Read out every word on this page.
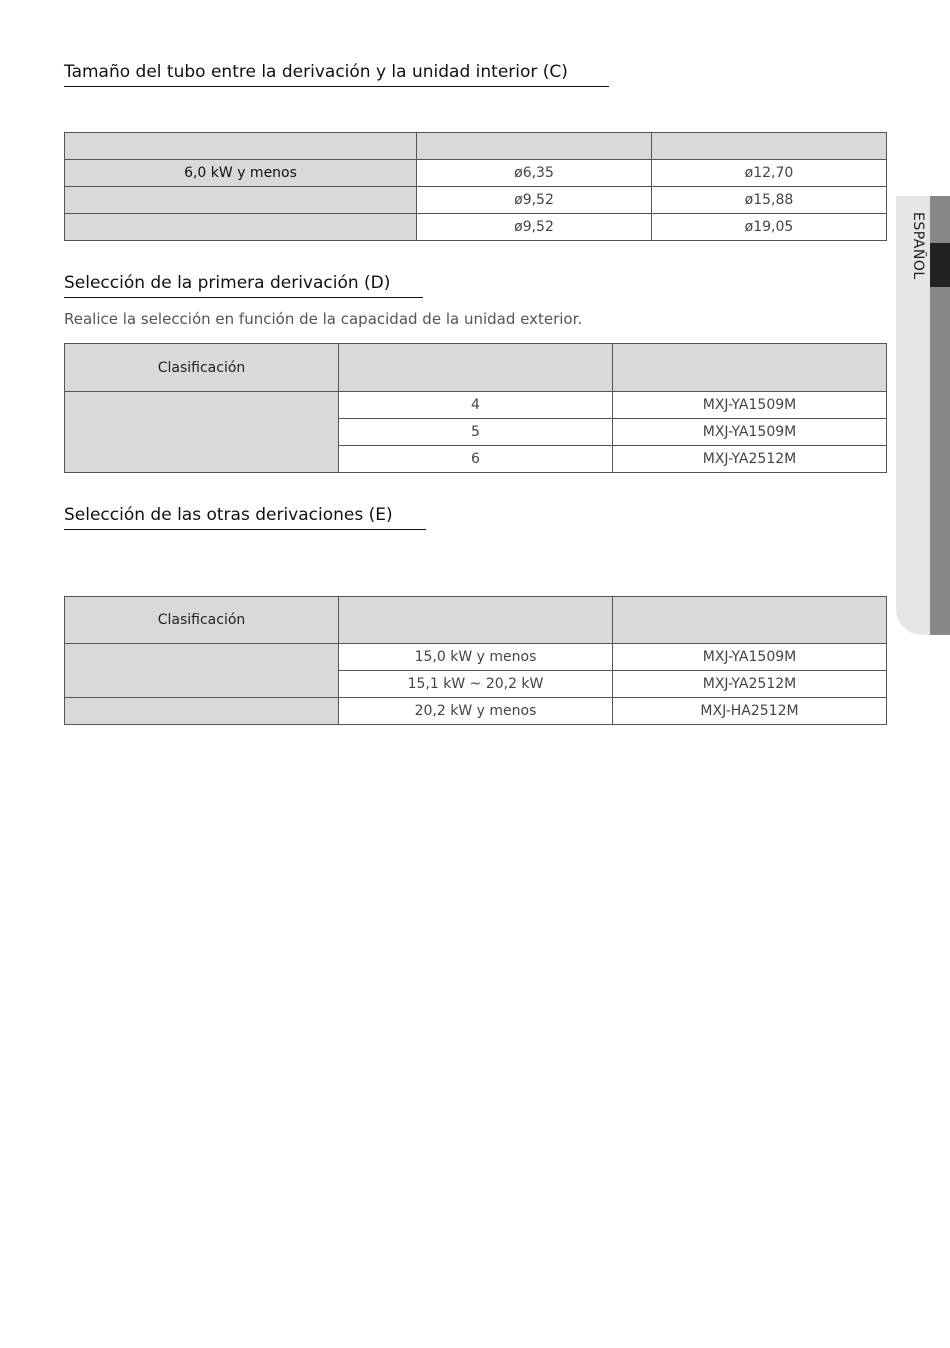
Tamaño del tubo entre la derivación y la unidad interior (C)

6,0 kW y menos	ø6,35	ø12,70
	ø9,52	ø15,88
	ø9,52	ø19,05
Selección de la primera derivación (D)

Realice la selección en función de la capacidad de la unidad exterior.

Clasificación		
	4	MXJ-YA1509M
	5	MXJ-YA1509M
	6	MXJ-YA2512M
Selección de las otras derivaciones (E)
Clasificación		
	15,0 kW y menos	MXJ-YA1509M
	15,1 kW ~ 20,2 kW	MXJ-YA2512M
	20,2 kW y menos	MXJ-HA2512M
ESPAÑOL
